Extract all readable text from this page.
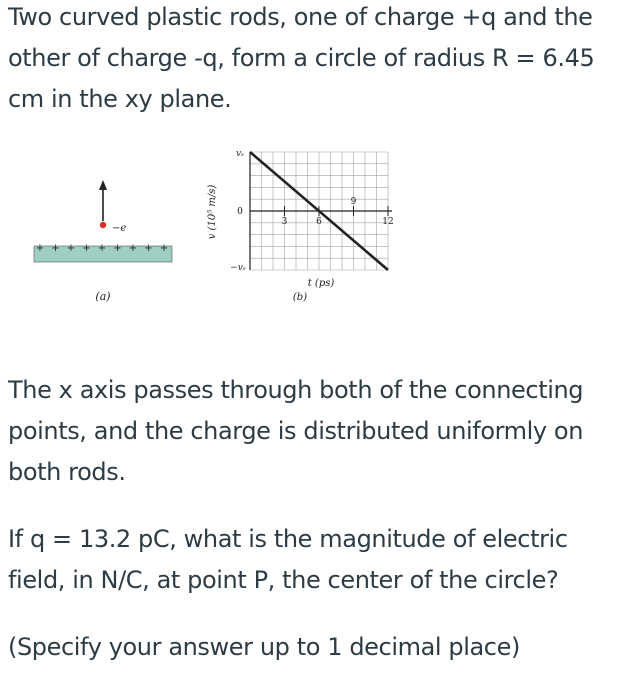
Two curved plastic rods, one of charge +q and the other of charge -q, form a circle of radius R = 6.45 cm in the xy plane.

−e
+ + + + + + + + +
(a)
3	6
9
12
vₛ
0
−vₛ
v (10⁵ m/s)
t (ps)
(b)

The x axis passes through both of the connecting points, and the charge is distributed uniformly on both rods.

If q = 13.2 pC, what is the magnitude of electric field, in N/C, at point P, the center of the circle?

(Specify your answer up to 1 decimal place)
